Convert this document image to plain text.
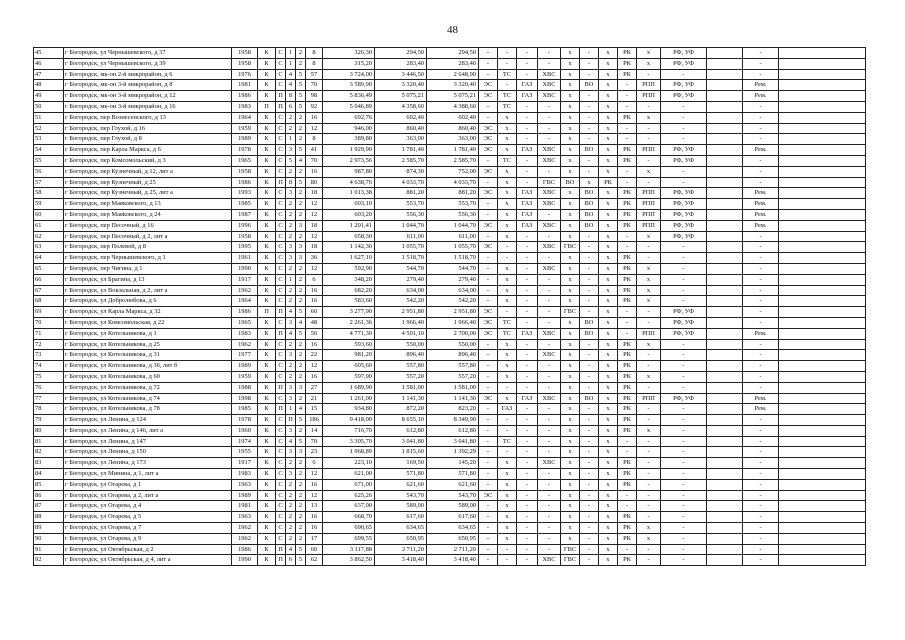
48
45	г Богородск, ул Чернышевского, д 37	1958	К	С	1	2	8	326,30	294,50	294,50	-	-	-	-	х	-	х	РК	х	РФ, УФ		-	
46	г Богородск, ул Чернышевского, д 39	1958	К	С	1	2	8	315,20	283,40	283,40	-	-	-	-	х	-	х	РК	х	РФ, УФ		-	
47	г Богородск, мк-он 2-й микрорайон, д 6	1976	К	С	4	5	57	3 724,00	3 446,50	2 648,90	-	ТС	-	ХВС	х	-	х	РК	-	-		-	
48	г Богородск, мк-он 3-й микрорайон, д 8	1981	К	С	4	5	70	3 589,90	3 320,40	3 320,40	ЭС	-	ГАЗ	ХВС	х	ВО	х	-	РПП	РФ, УФ		Рем.	
49	г Богородск, мк-он 3-й микрорайон, д 12	1986	К	П	8	5	98	5 836,49	5 075,21	5 075,21	ЭС	ТС	ГАЗ	ХВС	х	-	х	-	РПП	РФ, УФ		Рем.	
50	г Богородск, мк-он 3-й микрорайон, д 16	1983	П	П	6	5	92	5 046,89	4 358,60	4 388,60	-	ТС	-	-	х	-	х	-	-	-		-	
51	г Богородск, пер Вознесенского, д 13	1964	К	С	2	2	16	692,76	602,40	602,40	-	х	-	-	х	-	х	РК	х	-		-	
52	г Богородск, пер Глухой, д 16	1959	К	С	2	2	12	946,00	860,40	860,40	ЭС	х	-	-	х	-	х	-	-	-		-	
53	г Богородск, пер Глухой, д 8	1989	К	С	1	2	8	389,80	363,00	363,00	ЭС	х	-	-	х	-	х	-	-	-		-	
54	г Богородск, пер Карла Маркса, д 6	1978	К	С	3	5	41	1 929,90	1 781,40	1 781,40	ЭС	х	ГАЗ	ХВС	х	ВО	х	РК	РПП	РФ, УФ		Рем.	
55	г Богородск, пер Комсомольский, д 3	1965	К	С	5	4	70	2 973,56	2 585,70	2 585,70	-	ТС	-	ХВС	х	-	х	РК	-	РФ, УФ		-	
56	г Богородск, пер Кузнечный, д 12, лит а	1958	К	С	2	2	16	987,80	874,30	752,00	ЭС	х	-	-	х	-	х	-	х	-		-	
57	г Богородск, пер Кузнечный, д 25	1986	К	П	8	5	80	4 638,76	4 033,70	4 033,70	-	х	-	ГВС	ВО	х	РК	-	-	-		-	
58	г Богородск, пер Кузнечный, д 25, лит а	1993	К	С	3	2	18	1 013,38	881,20	881,20	ЭС	х	ГАЗ	ХВС	х	ВО	х	РК	РПП	РФ, УФ		Рем.	
59	г Богородск, пер Маяковского, д 13	1985	К	С	2	2	12	603,10	553,70	553,70	-	х	ГАЗ	ХВС	х	ВО	х	РК	РПП	РФ, УФ		Рем.	
60	г Богородск, пер Маяковского, д 24	1987	К	С	2	2	12	603,20	556,30	556,30	-	х	ГАЗ	-	х	ВО	х	РК	РПП	РФ, УФ		Рем.	
61	г Богородск, пер Песочный, д 16	1996	К	С	2	3	18	1 201,41	1 044,70	1 044,70	ЭС	х	ГАЗ	ХВС	х	ВО	х	РК	РПП	РФ, УФ		Рем.	
62	г Богородск, пер Песочный, д 2, лит а	1958	К	С	2	2	12	658,30	611,00	611,00	-	х	-	-	х	-	х	-	х	РФ, УФ		-	
63	г Богородск, пер Полевой, д 8	1995	К	С	3	3	18	1 142,30	1 055,70	1 055,70	ЭС	-	-	ХВС	ГВС	-	х	-	-	-		-	
64	г Богородск, пер Чернышевского, д 1	1961	К	С	3	3	36	1 627,10	1 518,70	1 518,70	-	-	-	-	х	-	х	РК	-	-		-	
65	г Богородск, пер Чигина, д 1	1990	К	С	2	2	12	592,90	544,70	544,70	-	х	-	ХВС	х	-	х	РК	х	-		-	
66	г Богородск, ул Брагина, д 13	1917	К	С	1	2	6	348,20	279,40	279,40	-	х	-	-	х	-	х	РК	х	-		-	
67	г Богородск, ул Вокзальная, д 2, лит а	1962	К	С	2	2	16	682,20	634,00	634,00	-	х	-	-	х	-	х	РК	х	-		-	
68	г Богородск, ул Добролюбова, д 6	1964	К	С	2	2	16	583,60	542,20	542,20	-	х	-	-	х	-	х	РК	х	-		-	
69	г Богородск, ул Карла Маркса, д 32	1986	П	П	4	5	60	3 277,90	2 951,80	2 951,80	ЭС	-	-	-	ГВС	-	х	-	-	РФ, УФ		-	
70	г Богородск, ул Комсомольская, д 22	1965	К	С	3	4	48	2 261,36	1 966,40	1 966,40	ЭС	ТС	-	-	х	ВО	х	-	-	РФ, УФ		-	
71	г Богородск, ул Котельникова, д 1	1983	К	П	4	5	56	4 771,30	4 501,10	2 700,00	ЭС	ТС	ГАЗ	ХВС	х	ВО	х	-	РПП	РФ, УФ		Рем.	
72	г Богородск, ул Котельникова, д 25	1962	К	С	2	2	16	593,60	550,00	550,00	-	х	-	-	х	-	х	РК	х	-		-	
73	г Богородск, ул Котельникова, д 31	1977	К	С	3	2	22	981,20	896,40	896,40	-	х	-	ХВС	х	-	х	РК	-	-		-	
74	г Богородск, ул Котельникова, д 36, лит б	1989	К	С	2	2	12	605,60	557,80	557,80	-	х	-	-	х	-	х	РК	-	-		-	
75	г Богородск, ул Котельникова, д 60	1959	К	С	2	2	16	597,90	557,20	557,20	-	х	-	-	х	-	х	РК	х	-		-	
76	г Богородск, ул Котельникова, д 72	1988	К	П	3	3	27	1 689,90	1 581,00	1 581,00	-	-	-	-	х	-	х	РК	-	-		-	
77	г Богородск, ул Котельникова, д 74	1998	К	С	3	2	21	1 261,00	1 141,30	1 141,30	ЭС	х	ГАЗ	ХВС	х	ВО	х	РК	РПП	РФ, УФ		Рем.	
78	г Богородск, ул Котельникова, д 78	1985	К	П	1	4	15	934,80	872,20	823,20	-	ГАЗ	-	-	х	-	х	РК	-	-		Рем.	
79	г Богородск, ул Ленина, д 124	1978	К	С	П	5	186	9 418,00	8 655,10	8 349,90	-	-	-	-	х	-	х	РК	-	-		-	
80	г Богородск, ул Ленина, д 146, лит а	1960	К	С	3	2	14	716,70	612,80	612,80	-	-	-	-	х	-	х	РК	х	-		-	
81	г Богородск, ул Ленина, д 147	1974	К	С	4	5	70	3 305,70	3 041,80	3 041,80	-	ТС	-	-	х	-	х	-	-	-		-	
82	г Богородск, ул Ленина, д 150	1955	К	С	3	3	23	1 968,89	1 815,60	1 392,29	-	-	-	-	х	-	х	-	-	-		-	
83	г Богородск, ул Ленина, д 173	1917	К	С	2	2	6	223,10	169,50	145,20	-	х	-	ХВС	х	-	х	РК	-	-		-	
84	г Богородск, ул Минина, д 1, лит а	1983	К	С	3	2	12	621,00	571,80	571,80	-	х	-	-	х	-	х	РК	-	-		-	
85	г Богородск, ул Огарева, д 1	1963	К	С	2	2	16	671,00	621,60	621,60	-	х	-	-	х	-	х	РК	-	-		-	
86	г Богородск, ул Огарева, д 2, лит а	1989	К	С	2	2	12	625,26	543,70	543,70	ЭС	х	-	-	х	-	х	-	-	-		-	
87	г Богородск, ул Огарева, д 4	1981	К	С	2	2	13	637,00	589,00	589,00	-	х	-	-	х	-	х	-	-	-		-	
88	г Богородск, ул Огарева, д 5	1963	К	С	2	2	16	668,70	617,60	617,60	-	х	-	-	х	-	х	РК	-	-		-	
89	г Богородск, ул Огарева, д 7	1962	К	С	2	2	16	690,65	634,65	634,65	-	х	-	-	х	-	х	РК	х	-		-	
90	г Богородск, ул Огарева, д 9	1962	К	С	2	2	17	699,55	650,95	650,95	-	х	-	-	х	-	х	РК	х	-		-	
91	г Богородск, ул Октябрьская, д 2	1986	К	П	4	5	60	3 117,88	2 711,20	2 711,20	-	-	-	-	ГВС	-	х	-	-	-		-	
92	г Богородск, ул Октябрьская, д 4, лит а	1990	К	П	6	5	62	3 862,50	3 418,40	3 418,40	-	-	-	ХВС	ГВС	-	х	РК	-	-		-	
